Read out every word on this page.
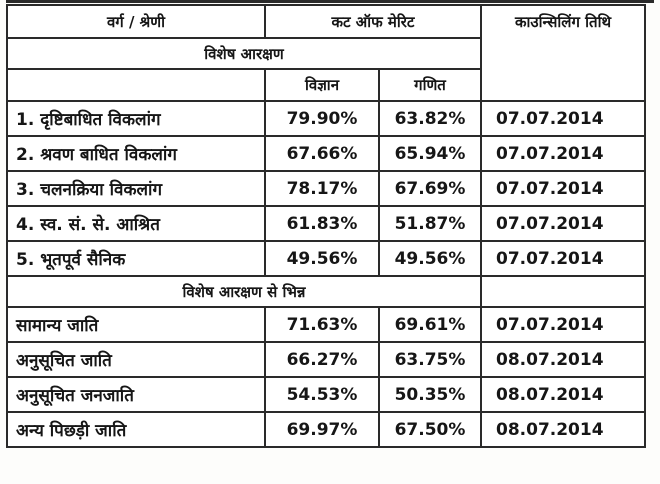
वर्ग / श्रेणी	कट ऑफ मेरिट		काउन्सिलिंग तिथि
विशेष आरक्षण			
	विज्ञान	गणित	
1. दृष्टिबाधित विकलांग	79.90%	63.82%	07.07.2014
2. श्रवण बाधित विकलांग	67.66%	65.94%	07.07.2014
3. चलनक्रिया विकलांग	78.17%	67.69%	07.07.2014
4. स्व. सं. से. आश्रित	61.83%	51.87%	07.07.2014
5. भूतपूर्व सैनिक	49.56%	49.56%	07.07.2014
विशेष आरक्षण से भिन्न			
सामान्य जाति	71.63%	69.61%	07.07.2014
अनुसूचित जाति	66.27%	63.75%	08.07.2014
अनुसूचित जनजाति	54.53%	50.35%	08.07.2014
अन्य पिछड़ी जाति	69.97%	67.50%	08.07.2014
